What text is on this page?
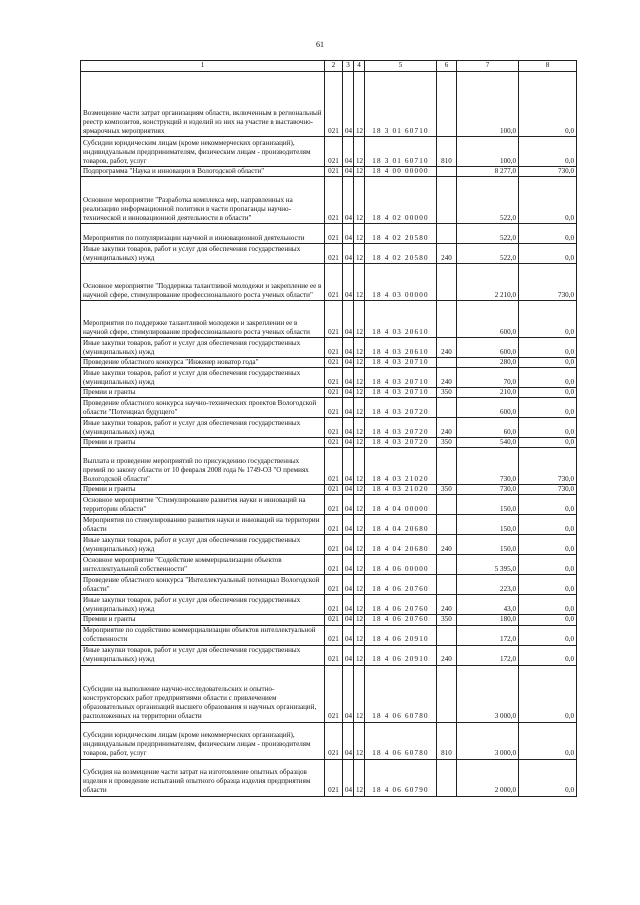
61
1	2	3	4	5	6	7	8
Возмещение части затрат организациям области, включенным в региональный реестр композитов, конструкций и изделий из них на участие в выставочно-ярмарочных мероприятиях	021	04	12	18 3 01 60710		100,0	0,0
Субсидии юридическим лицам (кроме некоммерческих организаций), индивидуальным предпринимателям, физическим лицам - производителям товаров, работ, услуг	021	04	12	18 3 01 60710	810	100,0	0,0
Подпрограмма "Наука и инновации в Вологодской области"	021	04	12	18 4 00 00000		8 277,0	730,0
Основное мероприятие "Разработка комплекса мер, направленных на реализацию информационной политики в части пропаганды научно-технической и инновационной деятельности в области"	021	04	12	18 4 02 00000		522,0	0,0
Мероприятия по популяризации научной и инновационной деятельности	021	04	12	18 4 02 20580		522,0	0,0
Иные закупки товаров, работ и услуг для обеспечения государственных (муниципальных) нужд	021	04	12	18 4 02 20580	240	522,0	0,0
Основное мероприятие "Поддержка талантливой молодежи и закрепление ее в научной сфере, стимулирование профессионального роста ученых области"	021	04	12	18 4 03 00000		2 210,0	730,0
Мероприятия по поддержке талантливой молодежи и закреплении ее в научной сфере, стимулирование профессионального роста ученых области	021	04	12	18 4 03 20610		600,0	0,0
Иные закупки товаров, работ и услуг для обеспечения государственных (муниципальных) нужд	021	04	12	18 4 03 20610	240	600,0	0,0
Проведение областного конкурса "Инженер новатор года"	021	04	12	18 4 03 20710		280,0	0,0
Иные закупки товаров, работ и услуг для обеспечения государственных (муниципальных) нужд	021	04	12	18 4 03 20710	240	70,0	0,0
Премии и гранты	021	04	12	18 4 03 20710	350	210,0	0,0
Проведение областного конкурса научно-технических проектов Вологодской области "Потенциал будущего"	021	04	12	18 4 03 20720		600,0	0,0
Иные закупки товаров, работ и услуг для обеспечения государственных (муниципальных) нужд	021	04	12	18 4 03 20720	240	60,0	0,0
Премии и гранты	021	04	12	18 4 03 20720	350	540,0	0,0
Выплата и проведение мероприятий по присуждению государственных премий по закону области от 10 февраля 2008 года № 1749-ОЗ "О премиях Вологодской области"	021	04	12	18 4 03 21020		730,0	730,0
Премии и гранты	021	04	12	18 4 03 21020	350	730,0	730,0
Основное мероприятие "Стимулирование развития науки и инноваций на территории области"	021	04	12	18 4 04 00000		150,0	0,0
Мероприятия по стимулированию развития науки и инноваций на территории области	021	04	12	18 4 04 20680		150,0	0,0
Иные закупки товаров, работ и услуг для обеспечения государственных (муниципальных) нужд	021	04	12	18 4 04 20680	240	150,0	0,0
Основное мероприятие "Содействие коммерциализации объектов интеллектуальной собственности"	021	04	12	18 4 06 00000		5 395,0	0,0
Проведение областного конкурса "Интеллектуальный потенциал Вологодской области"	021	04	12	18 4 06 20760		223,0	0,0
Иные закупки товаров, работ и услуг для обеспечения государственных (муниципальных) нужд	021	04	12	18 4 06 20760	240	43,0	0,0
Премии и гранты	021	04	12	18 4 06 20760	350	180,0	0,0
Мероприятие по содействию коммерциализации объектов интеллектуальной собственности	021	04	12	18 4 06 20910		172,0	0,0
Иные закупки товаров, работ и услуг для обеспечения государственных (муниципальных) нужд	021	04	12	18 4 06 20910	240	172,0	0,0
Субсидии на выполнение научно-исследовательских и опытно-конструкторских работ предприятиями области с привлечением образовательных организаций высшего образования и научных организаций, расположенных на территории области	021	04	12	18 4 06 60780		3 000,0	0,0
Субсидии юридическим лицам (кроме некоммерческих организаций), индивидуальным предпринимателям, физическим лицам - производителям товаров, работ, услуг	021	04	12	18 4 06 60780	810	3 000,0	0,0
Субсидия на возмещение части затрат на изготовление опытных образцов изделия и проведение испытаний опытного образца изделия предприятиям области	021	04	12	18 4 06 60790		2 000,0	0,0
